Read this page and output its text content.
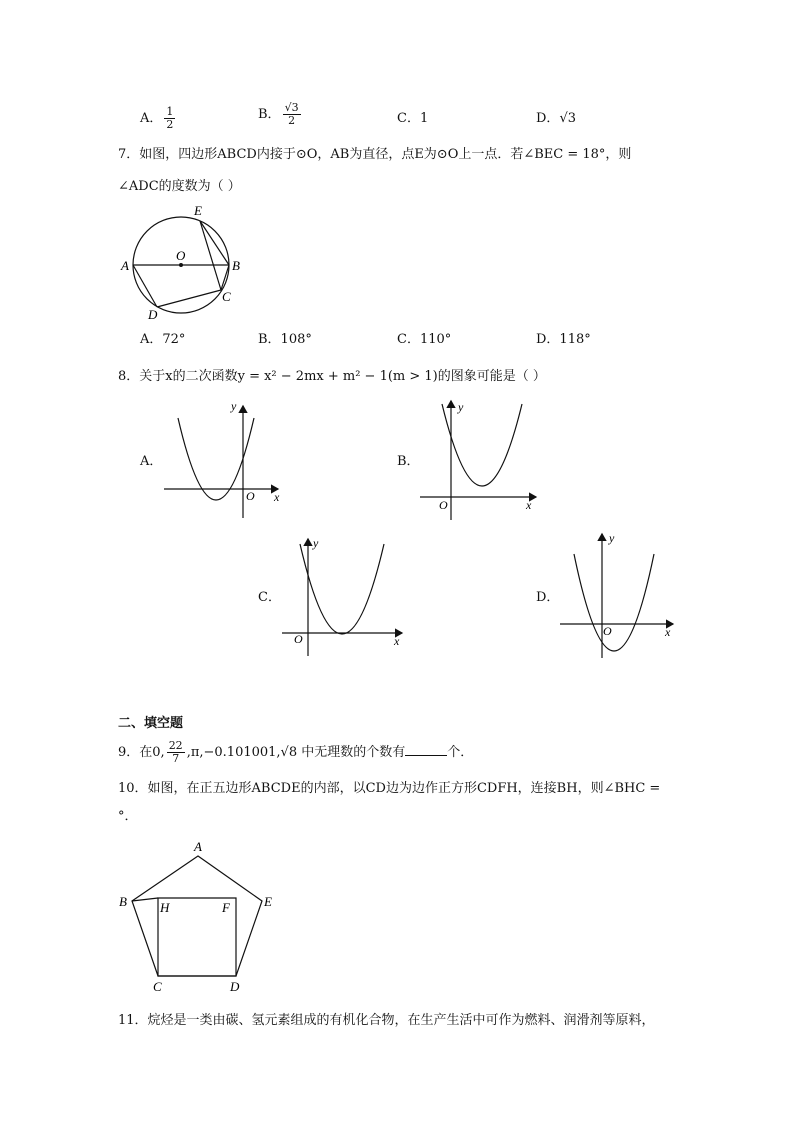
A． $\frac{1}{2}$	B． $\frac{√3}{2}$	C．1	D．√3
7．如图，四边形ABCD内接于⊙O，AB为直径，点E为⊙O上一点．若∠BEC = 18°，则
∠ADC的度数为（ ）
A	B
C
D
E
O
A．72°	B．108°	C．110°	D．118°
8．关于x的二次函数y = x² − 2mx + m² − 1(m > 1)的图象可能是（ ）
A．
y
x
O
B．
y
x
O
C．
y
x
O
D．
y
x
O
二、填空题
9．在0, $\frac{22}{7} ,\pi,-0.101001,√8$ 中无理数的个数有	个．
10．如图，在正五边形ABCDE的内部，以CD边为边作正方形CDFH，连接BH，则∠BHC =
°．
A
B
C	D
E
F
H
11．烷烃是一类由碳、氢元素组成的有机化合物，在生产生活中可作为燃料、润滑剂等原料，
